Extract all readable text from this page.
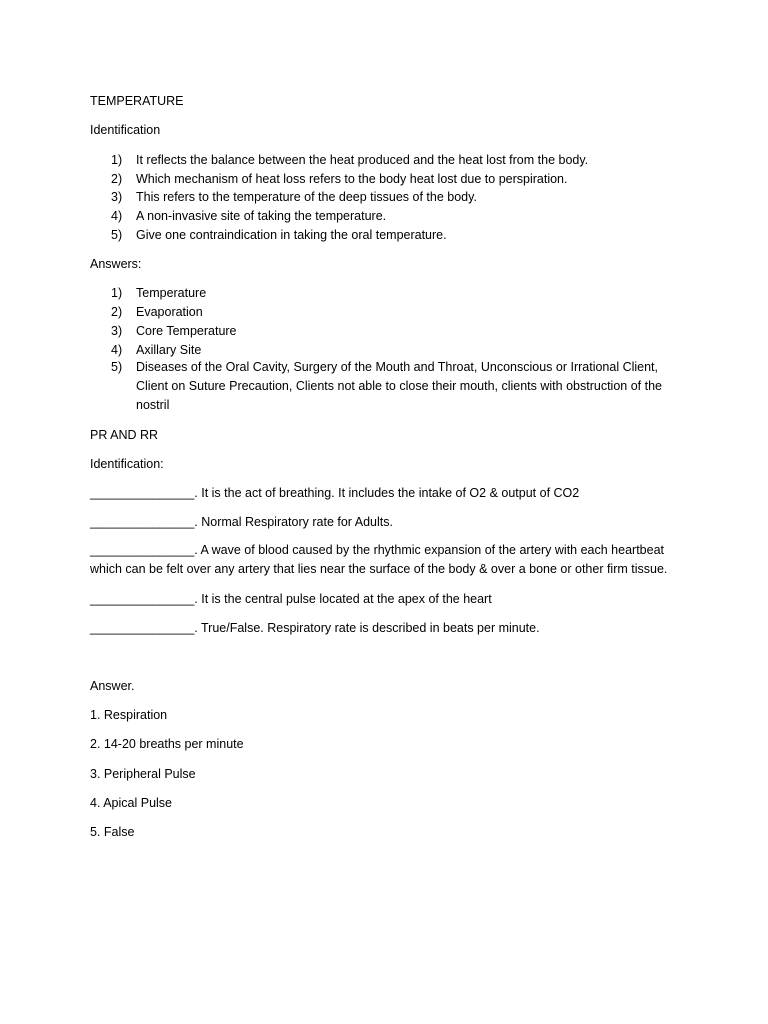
TEMPERATURE
Identification
1) It reflects the balance between the heat produced and the heat lost from the body.
2) Which mechanism of heat loss refers to the body heat lost due to perspiration.
3) This refers to the temperature of the deep tissues of the body.
4) A non-invasive site of taking the temperature.
5) Give one contraindication in taking the oral temperature.
Answers:
1) Temperature
2) Evaporation
3) Core Temperature
4) Axillary Site
5)	Diseases of the Oral Cavity, Surgery of the Mouth and Throat, Unconscious or Irrational Client, Client on Suture Precaution, Clients not able to close their mouth, clients with obstruction of the nostril
PR AND RR
Identification:
_______________. It is the act of breathing. It includes the intake of O2 & output of CO2
_______________. Normal Respiratory rate for Adults.
_______________. A wave of blood caused by the rhythmic expansion of the artery with each heartbeat which can be felt over any artery that lies near the surface of the body & over a bone or other firm tissue.
_______________. It is the central pulse located at the apex of the heart
_______________. True/False. Respiratory rate is described in beats per minute.
Answer.
1. Respiration
2. 14-20 breaths per minute
3. Peripheral Pulse
4. Apical Pulse
5. False
